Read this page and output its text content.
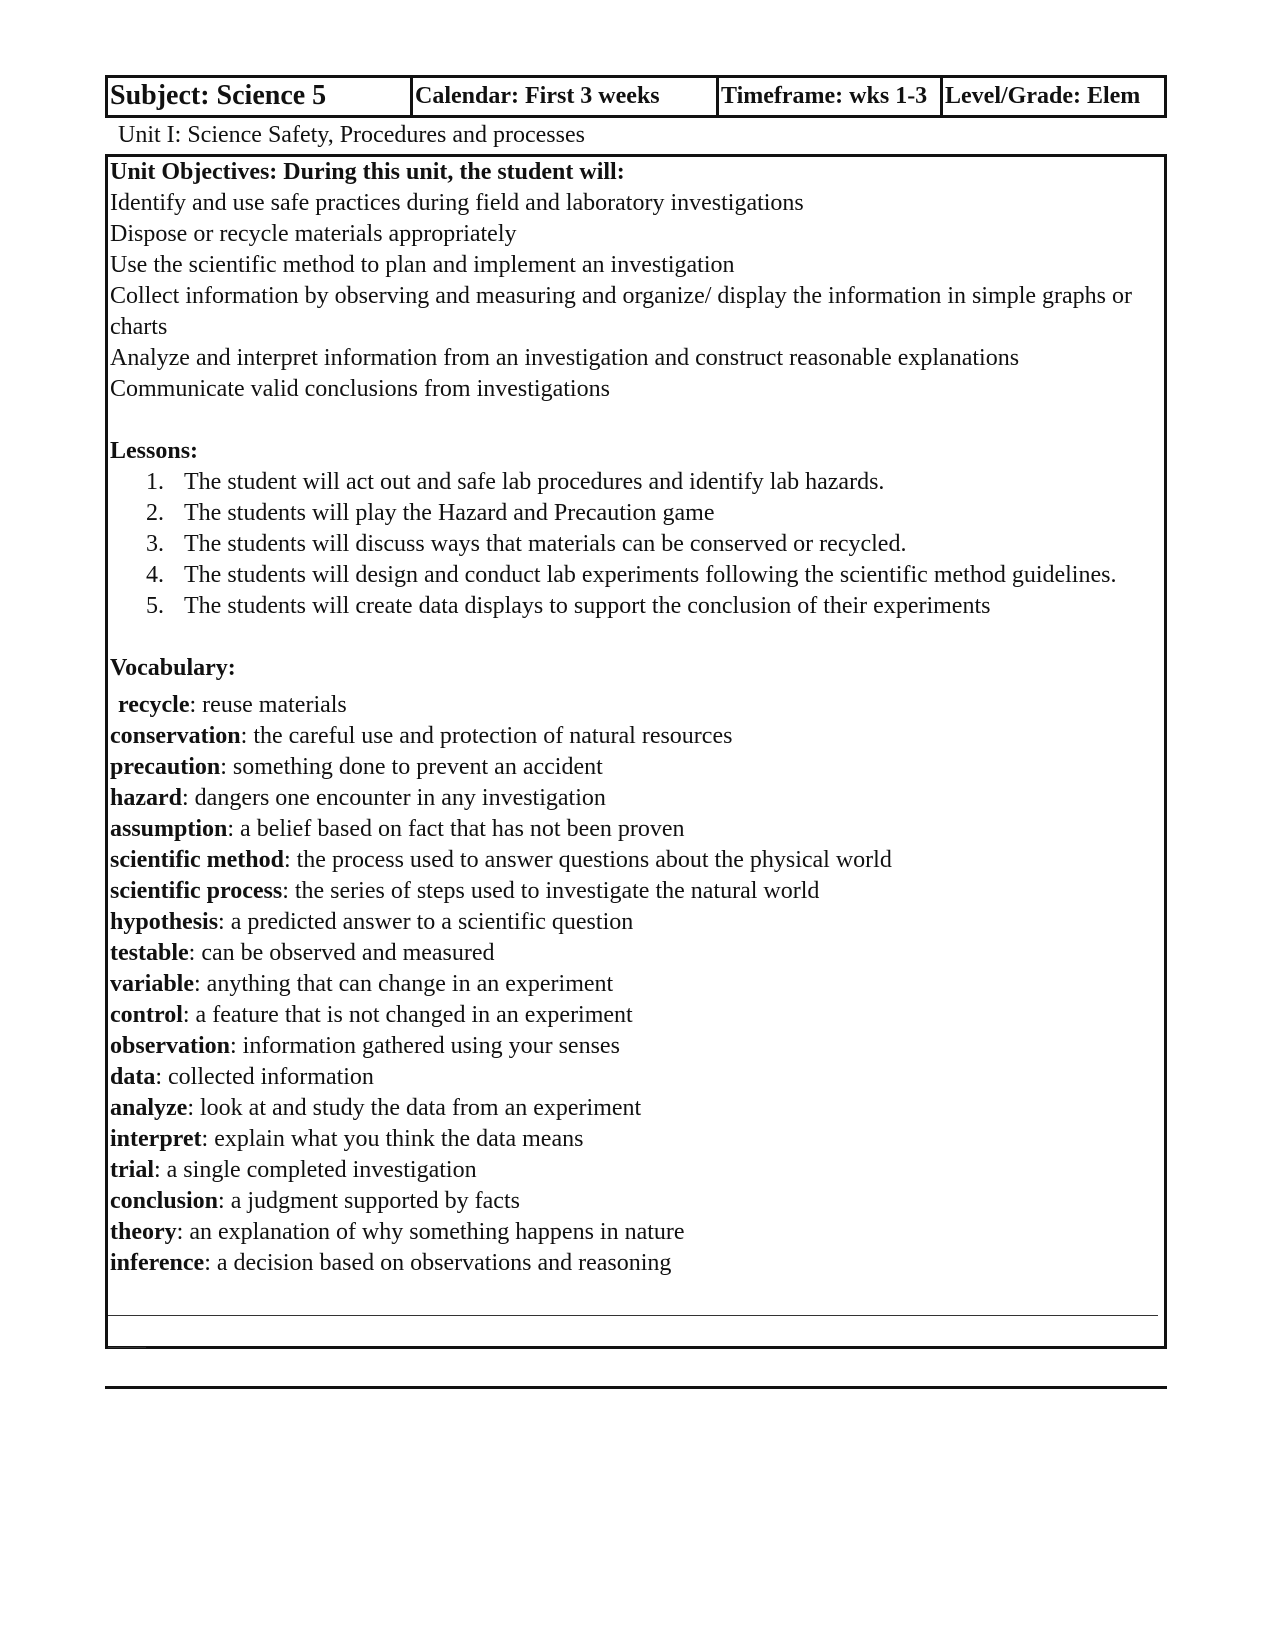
Subject: Science 5	Calendar: First 3 weeks	Timeframe: wks 1-3 Level/Grade: Elem
Unit I: Science Safety, Procedures and processes

Unit Objectives: During this unit, the student will:

Identify and use safe practices during field and laboratory investigations

Dispose or recycle materials appropriately

Use the scientific method to plan and implement an investigation

Collect information by observing and measuring and organize/ display the information in simple graphs or charts

Analyze and interpret information from an investigation and construct reasonable explanations

Communicate valid conclusions from investigations

Lessons:

1. The student will act out and safe lab procedures and identify lab hazards.
2. The students will play the Hazard and Precaution game
3. The students will discuss ways that materials can be conserved or recycled.
4. The students will design and conduct lab experiments following the scientific method guidelines.
5. The students will create data displays to support the conclusion of their experiments

Vocabulary:

recycle: reuse materials
conservation: the careful use and protection of natural resources
precaution: something done to prevent an accident
hazard: dangers one encounter in any investigation
assumption: a belief based on fact that has not been proven
scientific method: the process used to answer questions about the physical world
scientific process: the series of steps used to investigate the natural world
hypothesis: a predicted answer to a scientific question
testable: can be observed and measured
variable: anything that can change in an experiment
control: a feature that is not changed in an experiment
observation: information gathered using your senses
data: collected information
analyze: look at and study the data from an experiment
interpret: explain what you think the data means
trial: a single completed investigation
conclusion: a judgment supported by facts
theory: an explanation of why something happens in nature
inference: a decision based on observations and reasoning
